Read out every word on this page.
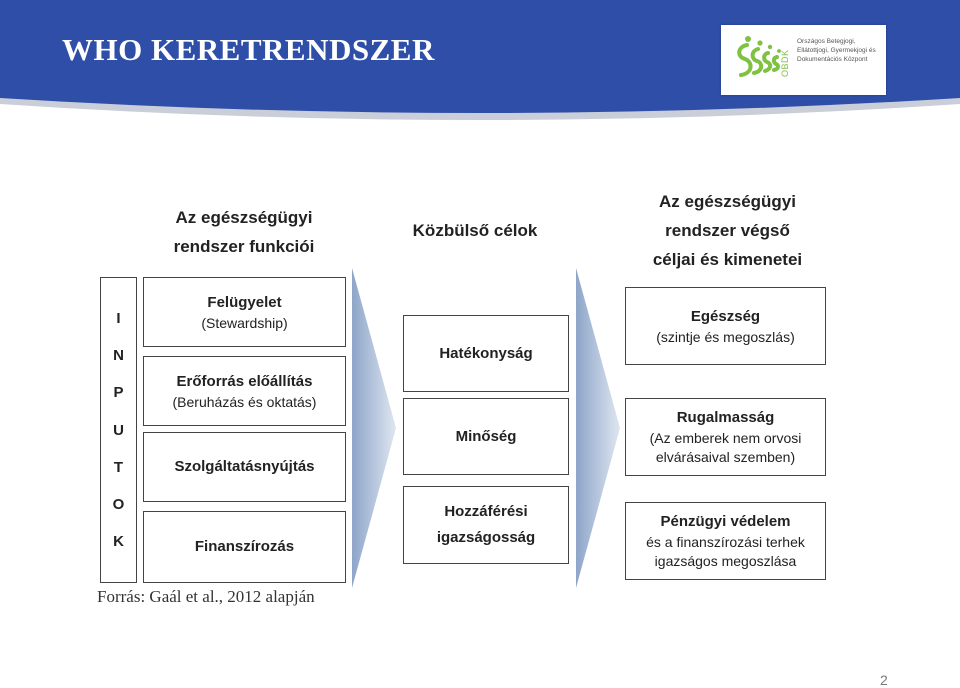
WHO KERETRENDSZER	OBDK
Országos Betegjogi,
Ellátottjogi, Gyermekjogi és
Dokumentációs Központ
Az egészségügyi
rendszer funkciói
Közbülső célok
Az egészségügyi
rendszer végső
céljai és kimenetei
I
N
P
U
T
O
K
Felügyelet
(Stewardship)
Erőforrás előállítás
(Beruházás és oktatás)
Szolgáltatásnyújtás
Finanszírozás
Hatékonyság
Minőség
Hozzáférési
igazságosság
Egészség
(szintje és megoszlás)
Rugalmasság
(Az emberek nem orvosi
elvárásaival szemben)
Pénzügyi védelem
és a finanszírozási terhek
igazságos megoszlása

Forrás: Gaál et al., 2012 alapján

2
